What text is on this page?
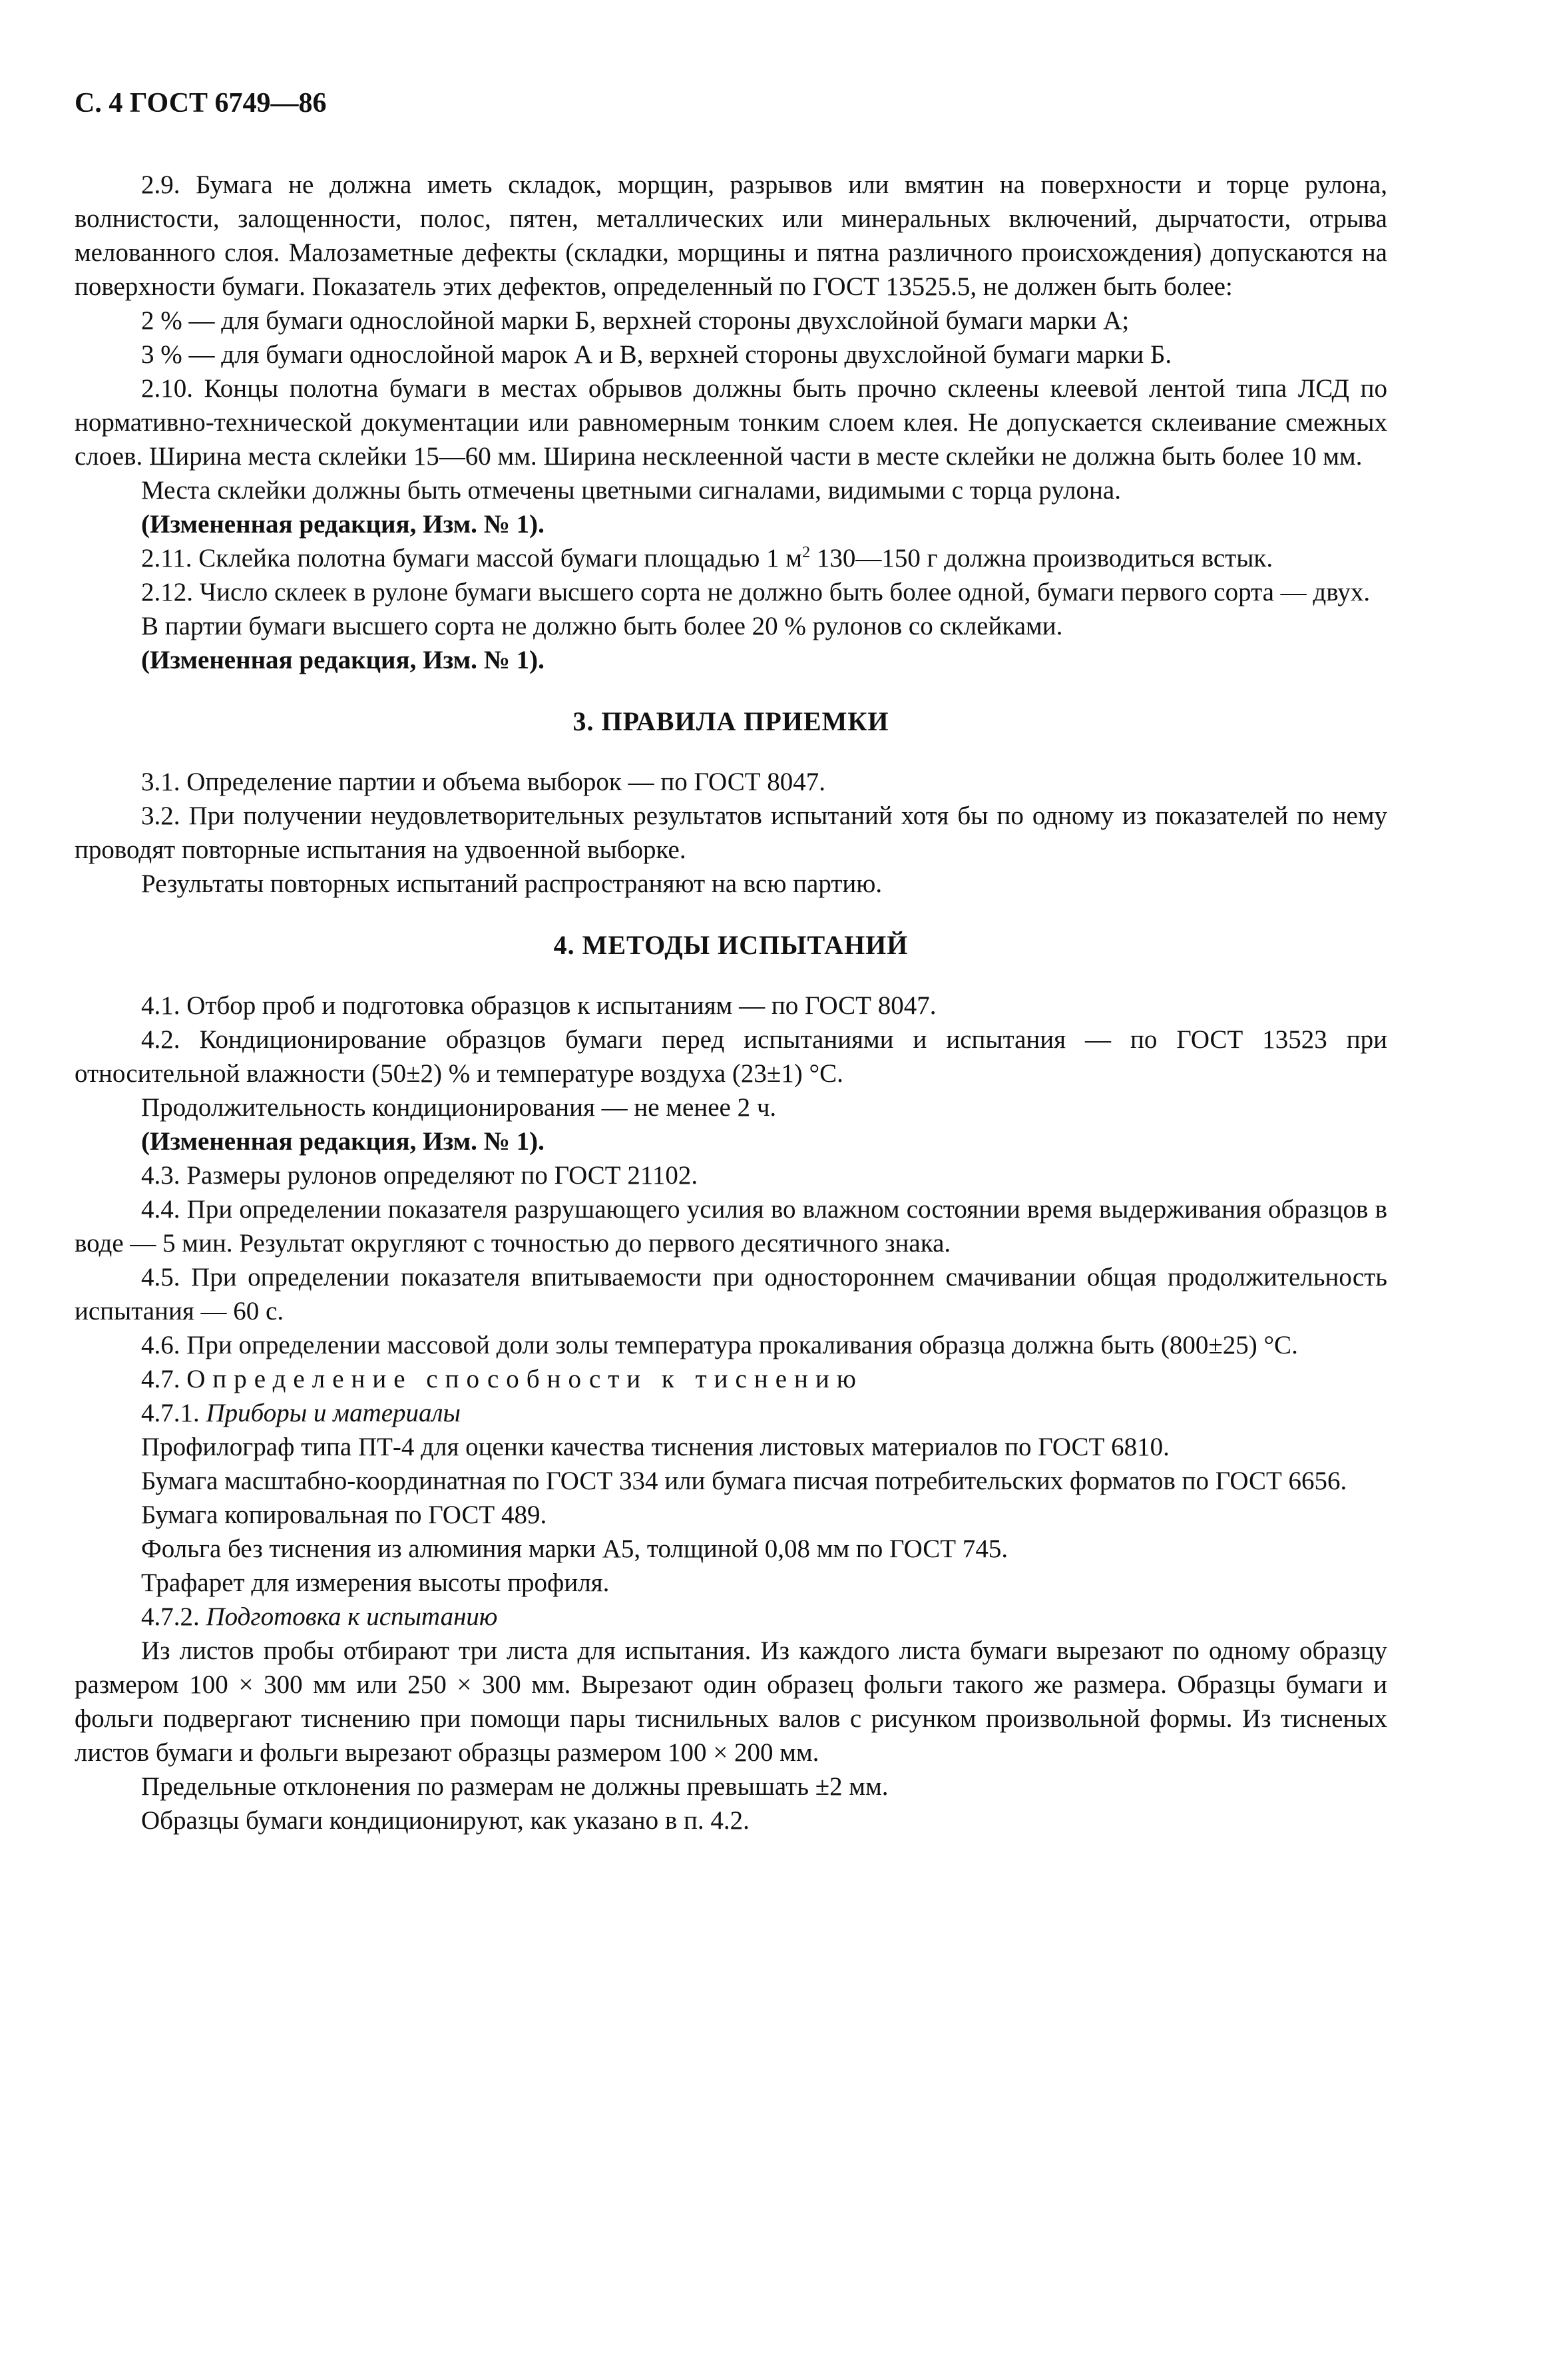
С. 4 ГОСТ 6749—86

2.9. Бумага не должна иметь складок, морщин, разрывов или вмятин на поверхности и торце рулона, волнистости, залощенности, полос, пятен, металлических или минеральных включений, дырчатости, отрыва мелованного слоя. Малозаметные дефекты (складки, морщины и пятна различного происхождения) допускаются на поверхности бумаги. Показатель этих дефектов, определенный по ГОСТ 13525.5, не должен быть более:

2 % — для бумаги однослойной марки Б, верхней стороны двухслойной бумаги марки А;

3 % — для бумаги однослойной марок А и В, верхней стороны двухслойной бумаги марки Б.

2.10. Концы полотна бумаги в местах обрывов должны быть прочно склеены клеевой лентой типа ЛСД по нормативно-технической документации или равномерным тонким слоем клея. Не допускается склеивание смежных слоев. Ширина места склейки 15—60 мм. Ширина несклеенной части в месте склейки не должна быть более 10 мм.

Места склейки должны быть отмечены цветными сигналами, видимыми с торца рулона.

(Измененная редакция, Изм. № 1).

2.11. Склейка полотна бумаги массой бумаги площадью 1 $м^2$ 130—150 г должна производиться встык.

2.12. Число склеек в рулоне бумаги высшего сорта не должно быть более одной, бумаги первого сорта — двух.

В партии бумаги высшего сорта не должно быть более 20 % рулонов со склейками.

(Измененная редакция, Изм. № 1).

3. ПРАВИЛА ПРИЕМКИ

3.1. Определение партии и объема выборок — по ГОСТ 8047.

3.2. При получении неудовлетворительных результатов испытаний хотя бы по одному из показателей по нему проводят повторные испытания на удвоенной выборке.

Результаты повторных испытаний распространяют на всю партию.

4. МЕТОДЫ ИСПЫТАНИЙ

4.1. Отбор проб и подготовка образцов к испытаниям — по ГОСТ 8047.

4.2. Кондиционирование образцов бумаги перед испытаниями и испытания — по ГОСТ 13523 при относительной влажности (50±2) % и температуре воздуха (23±1) °С.

Продолжительность кондиционирования — не менее 2 ч.

(Измененная редакция, Изм. № 1).

4.3. Размеры рулонов определяют по ГОСТ 21102.

4.4. При определении показателя разрушающего усилия во влажном состоянии время выдерживания образцов в воде — 5 мин. Результат округляют с точностью до первого десятичного знака.

4.5. При определении показателя впитываемости при одностороннем смачивании общая продолжительность испытания — 60 с.

4.6. При определении массовой доли золы температура прокаливания образца должна быть (800±25) °С.

4.7. Определение способности к тиснению

4.7.1. Приборы и материалы

Профилограф типа ПТ-4 для оценки качества тиснения листовых материалов по ГОСТ 6810.

Бумага масштабно-координатная по ГОСТ 334 или бумага писчая потребительских форматов по ГОСТ 6656.

Бумага копировальная по ГОСТ 489.

Фольга без тиснения из алюминия марки А5, толщиной 0,08 мм по ГОСТ 745.

Трафарет для измерения высоты профиля.

4.7.2. Подготовка к испытанию

Из листов пробы отбирают три листа для испытания. Из каждого листа бумаги вырезают по одному образцу размером 100 × 300 мм или 250 × 300 мм. Вырезают один образец фольги такого же размера. Образцы бумаги и фольги подвергают тиснению при помощи пары тиснильных валов с рисунком произвольной формы. Из тисненых листов бумаги и фольги вырезают образцы размером 100 × 200 мм.

Предельные отклонения по размерам не должны превышать ±2 мм.

Образцы бумаги кондиционируют, как указано в п. 4.2.
